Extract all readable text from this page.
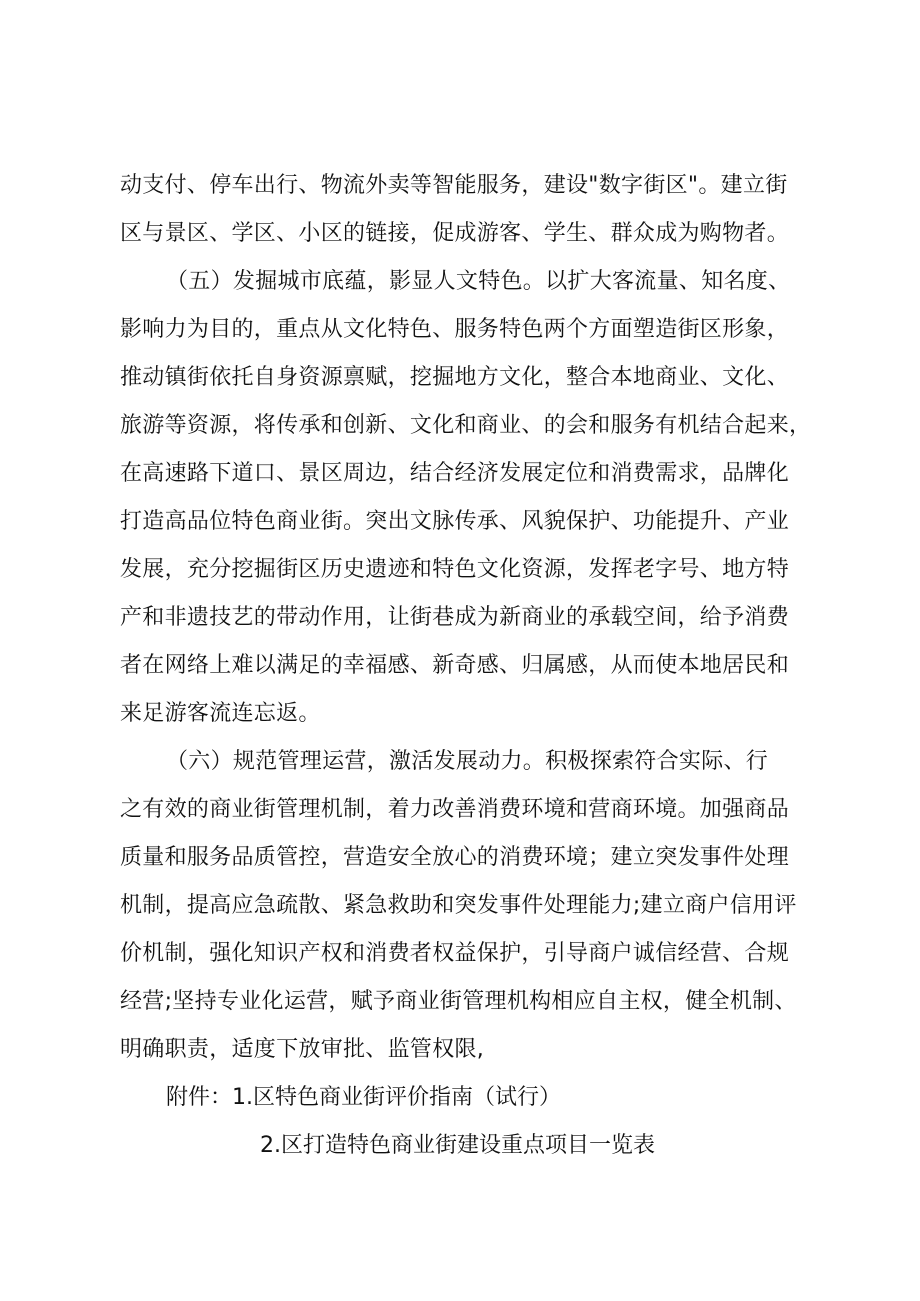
动支付、停车出行、物流外卖等智能服务，建设"数字街区"。建立街
区与景区、学区、小区的链接，促成游客、学生、群众成为购物者。
（五）发掘城市底蕴，影显人文特色。以扩大客流量、知名度、
影响力为目的，重点从文化特色、服务特色两个方面塑造街区形象，
推动镇街依托自身资源禀赋，挖掘地方文化，整合本地商业、文化、
旅游等资源，将传承和创新、文化和商业、的会和服务有机结合起来，
在高速路下道口、景区周边，结合经济发展定位和消费需求，品牌化
打造高品位特色商业街。突出文脉传承、风貌保护、功能提升、产业
发展，充分挖掘街区历史遗迹和特色文化资源，发挥老字号、地方特
产和非遗技艺的带动作用，让街巷成为新商业的承载空间，给予消费
者在网络上难以满足的幸福感、新奇感、归属感，从而使本地居民和
来足游客流连忘返。
（六）规范管理运营，激活发展动力。积极探索符合实际、行
之有效的商业街管理机制，着力改善消费环境和营商环境。加强商品
质量和服务品质管控，营造安全放心的消费环境；建立突发事件处理
机制，提高应急疏散、紧急救助和突发事件处理能力;建立商户信用评
价机制，强化知识产权和消费者权益保护，引导商户诚信经营、合规
经营;坚持专业化运营，赋予商业街管理机构相应自主权，健全机制、
明确职责，适度下放审批、监管权限,
附件：1.区特色商业街评价指南（试行）
2.区打造特色商业街建设重点项目一览表
